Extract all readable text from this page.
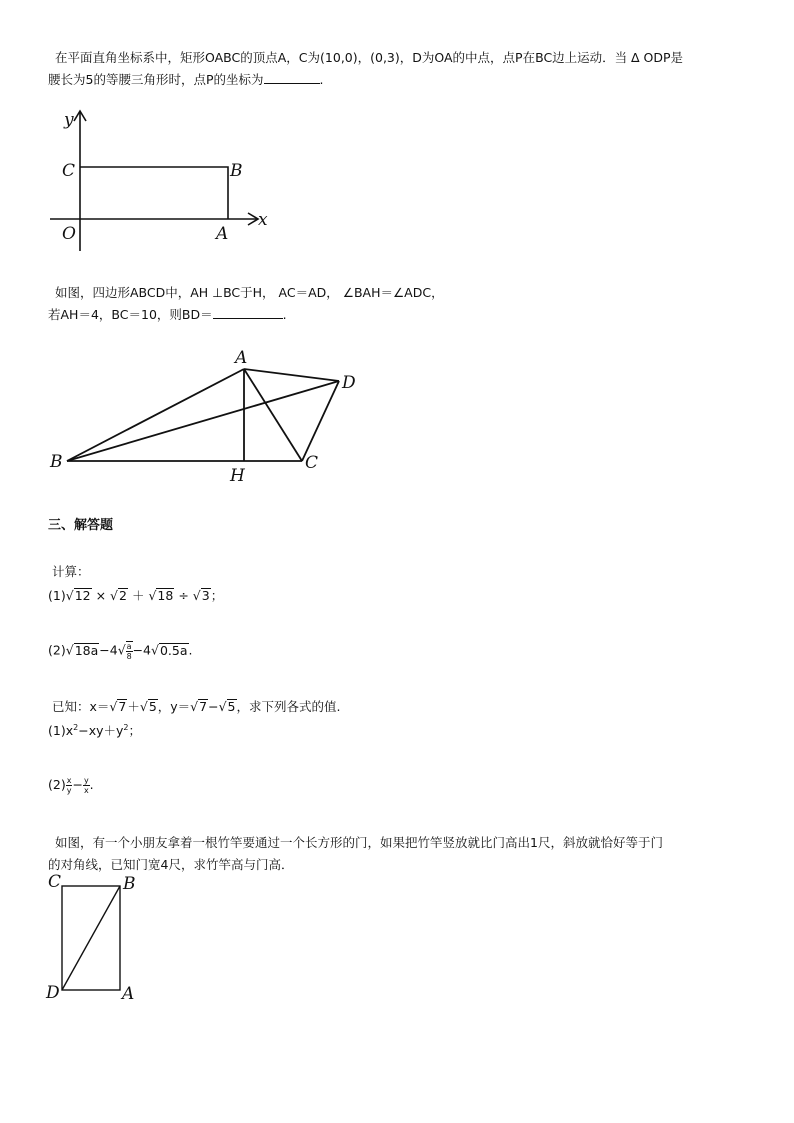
在平面直角坐标系中，矩形OABC的顶点A，C为(10,0)，(0,3)，D为OA的中点，点P在BC边上运动．当 ∆ ODP是
腰长为5的等腰三角形时，点P的坐标为	.
y
x
C	B
O	A
如图，四边形ABCD中，AH ⊥BC于H， AC＝AD， ∠BAH＝∠ADC，
若AH＝4，BC＝10，则BD＝	.
A
D
B
H
C
三、解答题
计算：
(1)√12 × √2 ＋ √18 ÷ √3；
$(2)√18a-4√ \frac{a}{8} -4√0.5a$.
已知：x＝√7＋√5，y＝√7−√5，求下列各式的值.
$(1)x^2-xy+y^2$；
$(2) \frac{x}{y} - \frac{y}{x}$ .
如图，有一个小朋友拿着一根竹竿要通过一个长方形的门，如果把竹竿竖放就比门高出1尺，斜放就恰好等于门
的对角线，已知门宽4尺，求竹竿高与门高．
C	B
D	A
